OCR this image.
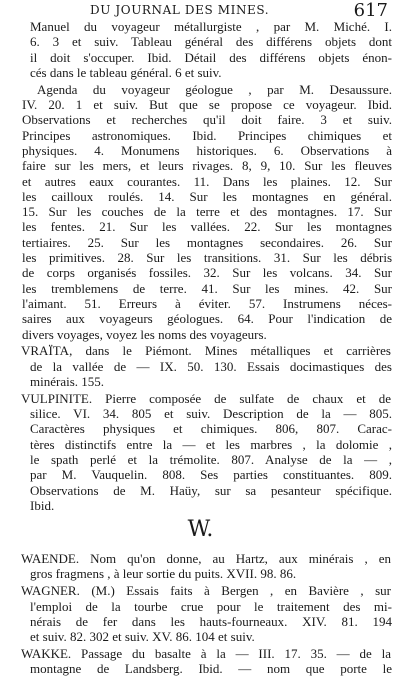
DU JOURNAL DES MINES.	617
Manuel du voyageur métallurgiste , par M. Miché. I.
6. 3 et suiv. Tableau général des différens objets dont
il doit s'occuper. Ibid. Détail des différens objets énon-
cés dans le tableau général. 6 et suiv.
Agenda du voyageur géologue , par M. Desaussure.
IV. 20. 1 et suiv. But que se propose ce voyageur. Ibid.
Observations et recherches qu'il doit faire. 3 et suiv.
Principes astronomiques. Ibid. Principes chimiques et
physiques. 4. Monumens historiques. 6. Observations à
faire sur les mers, et leurs rivages. 8, 9, 10. Sur les fleuves
et autres eaux courantes. 11. Dans les plaines. 12. Sur
les cailloux roulés. 14. Sur les montagnes en général.
15. Sur les couches de la terre et des montagnes. 17. Sur
les fentes. 21. Sur les vallées. 22. Sur les montagnes
tertiaires. 25. Sur les montagnes secondaires. 26. Sur
les primitives. 28. Sur les transitions. 31. Sur les débris
de corps organisés fossiles. 32. Sur les volcans. 34. Sur
les tremblemens de terre. 41. Sur les mines. 42. Sur
l'aimant. 51. Erreurs à éviter. 57. Instrumens néces-
saires aux voyageurs géologues. 64. Pour l'indication de
divers voyages, voyez les noms des voyageurs.
VRAÏTA, dans le Piémont. Mines métalliques et carrières
de la vallée de — IX. 50. 130. Essais docimastiques des
minérais. 155.
VULPINITE. Pierre composée de sulfate de chaux et de
silice. VI. 34. 805 et suiv. Description de la — 805.
Caractères physiques et chimiques. 806, 807. Carac-
tères distinctifs entre la — et les marbres , la dolomie ,
le spath perlé et la trémolite. 807. Analyse de la — ,
par M. Vauquelin. 808. Ses parties constituantes. 809.
Observations de M. Haüy, sur sa pesanteur spécifique.
Ibid.
W.
WAENDE. Nom qu'on donne, au Hartz, aux minérais , en
gros fragmens , à leur sortie du puits. XVII. 98. 86.
WAGNER. (M.) Essais faits à Bergen , en Bavière , sur
l'emploi de la tourbe crue pour le traitement des mi-
nérais de fer dans les hauts-fourneaux. XIV. 81. 194
et suiv. 82. 302 et suiv. XV. 86. 104 et suiv.
WAKKE. Passage du basalte à la — III. 17. 35. — de la
montagne de Landsberg. Ibid. — nom que porte le
